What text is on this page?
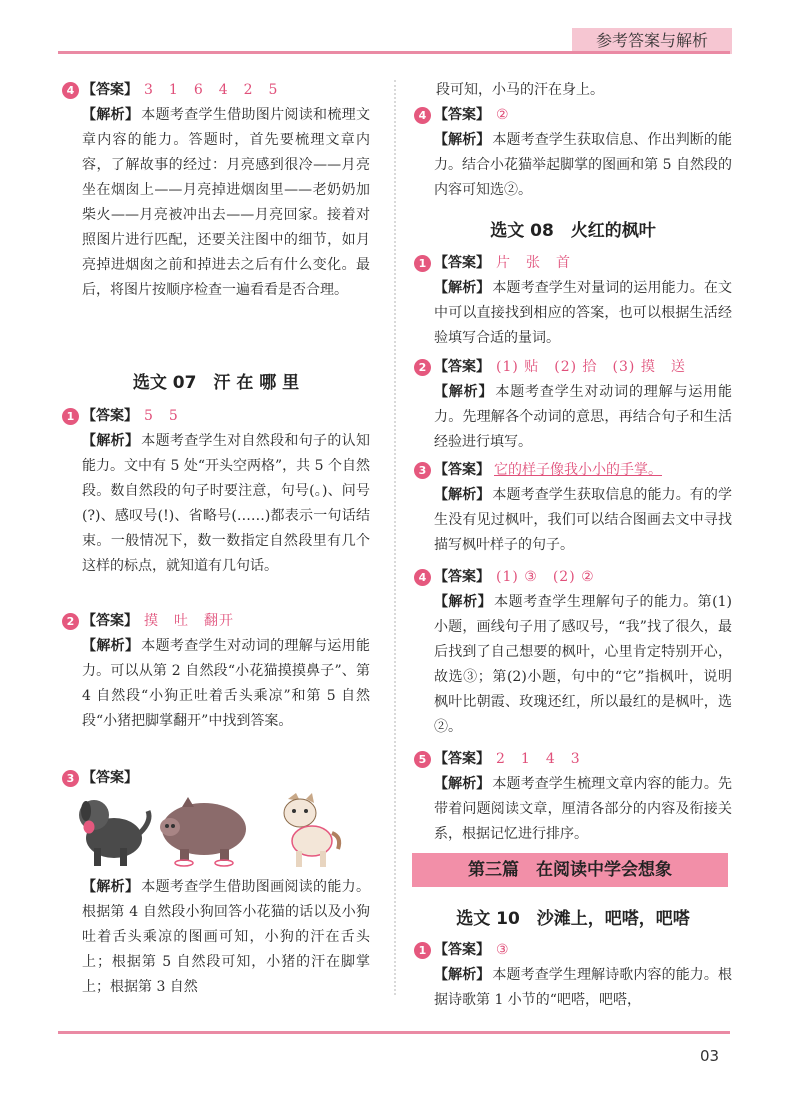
参考答案与解析
4 【答案】 3　1　6　4　2　5
【解析】 本题考查学生借助图片阅读和梳理文章内容的能力。答题时，首先要梳理文章内容，了解故事的经过：月亮感到很冷——月亮坐在烟囱上——月亮掉进烟囱里——老奶奶加柴火——月亮被冲出去——月亮回家。接着对照图片进行匹配，还要关注图中的细节，如月亮掉进烟囱之前和掉进去之后有什么变化。最后，将图片按顺序检查一遍看看是否合理。
选文 07　汗 在 哪 里
1 【答案】 5　5
【解析】 本题考查学生对自然段和句子的认知能力。文中有 5 处“开头空两格”，共 5 个自然段。数自然段的句子时要注意，句号(。)、问号(?)、感叹号(!)、省略号(……)都表示一句话结束。一般情况下，数一数指定自然段里有几个这样的标点，就知道有几句话。
2 【答案】 摸　吐　翻开
【解析】 本题考查学生对动词的理解与运用能力。可以从第 2 自然段“小花猫摸摸鼻子”、第 4 自然段“小狗正吐着舌头乘凉”和第 5 自然段“小猪把脚掌翻开”中找到答案。
3 【答案】
【解析】 本题考查学生借助图画阅读的能力。根据第 4 自然段小狗回答小花猫的话以及小狗吐着舌头乘凉的图画可知，小狗的汗在舌头上；根据第 5 自然段可知，小猪的汗在脚掌上；根据第 3 自然
段可知，小马的汗在身上。
4 【答案】 ②
【解析】 本题考查学生获取信息、作出判断的能力。结合小花猫举起脚掌的图画和第 5 自然段的内容可知选②。
选文 08　火红的枫叶
1 【答案】 片　张　首
【解析】 本题考查学生对量词的运用能力。在文中可以直接找到相应的答案，也可以根据生活经验填写合适的量词。
2 【答案】 (1) 贴　(2) 拾　(3) 摸　送
【解析】 本题考查学生对动词的理解与运用能力。先理解各个动词的意思，再结合句子和生活经验进行填写。
3 【答案】 它的样子像我小小的手掌。
【解析】 本题考查学生获取信息的能力。有的学生没有见过枫叶，我们可以结合图画去文中寻找描写枫叶样子的句子。
4 【答案】 (1) ③　(2) ②
【解析】 本题考查学生理解句子的能力。第(1)小题，画线句子用了感叹号，“我”找了很久，最后找到了自己想要的枫叶，心里肯定特别开心，故选③；第(2)小题，句中的“它”指枫叶，说明枫叶比朝霞、玫瑰还红，所以最红的是枫叶，选②。
5 【答案】 2　1　4　3
【解析】 本题考查学生梳理文章内容的能力。先带着问题阅读文章，厘清各部分的内容及衔接关系，根据记忆进行排序。
第三篇　在阅读中学会想象
选文 10　沙滩上，吧嗒，吧嗒
1 【答案】 ③
【解析】 本题考查学生理解诗歌内容的能力。根据诗歌第 1 小节的“吧嗒，吧嗒，
03
